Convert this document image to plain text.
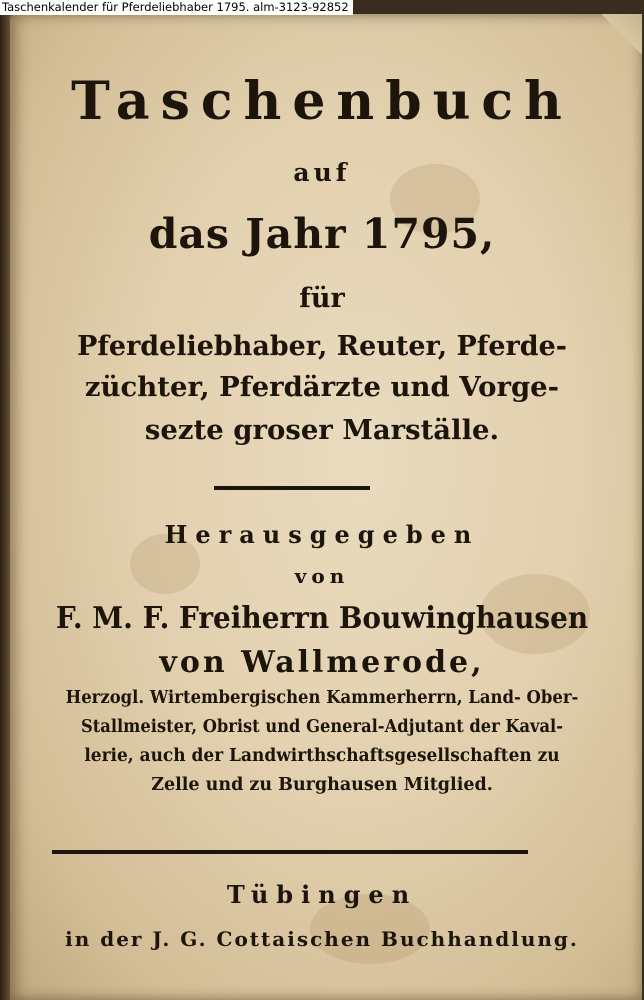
Taschenkalender für Pferdeliebhaber 1795. alm-3123-92852
Taschenbuch
auf
das Jahr 1795,
für
Pferdeliebhaber, Reuter, Pferde-
züchter, Pferdärzte und Vorge-
sezte groser Marställe.
Herausgegeben
von
F. M. F. Freiherrn Bouwinghausen
von Wallmerode,
Herzogl. Wirtembergischen Kammerherrn, Land- Ober-
Stallmeister, Obrist und General-Adjutant der Kaval-
lerie, auch der Landwirthschaftsgesellschaften zu
Zelle und zu Burghausen Mitglied.
Tübingen
in der J. G. Cottaischen Buchhandlung.
